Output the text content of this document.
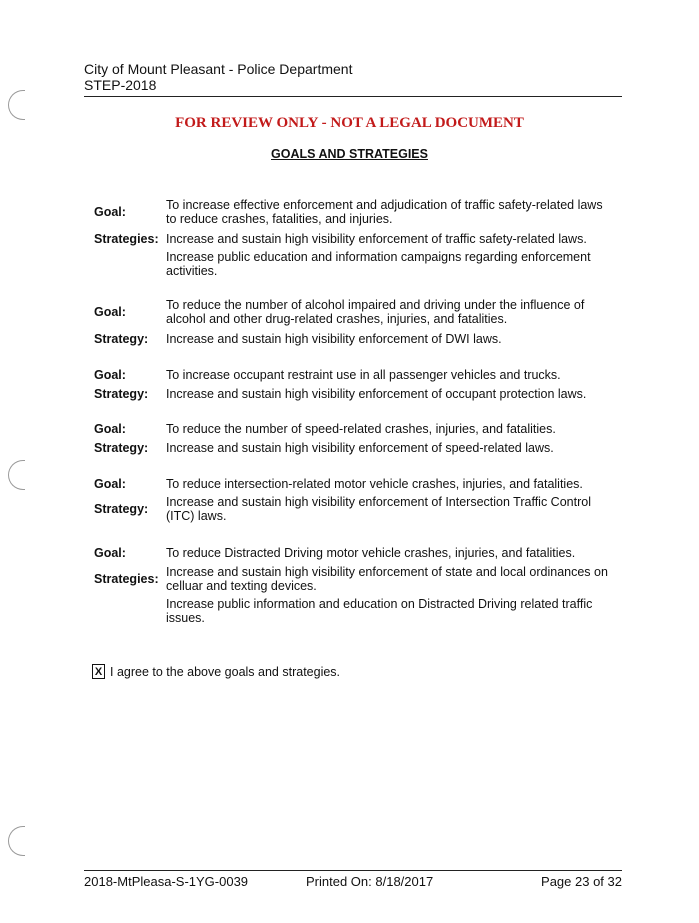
City of Mount Pleasant - Police Department
STEP-2018
FOR REVIEW ONLY - NOT A LEGAL DOCUMENT
GOALS AND STRATEGIES
Goal:	To increase effective enforcement and adjudication of traffic safety-related laws to reduce crashes, fatalities, and injuries.
Strategies: Increase and sustain high visibility enforcement of traffic safety-related laws.
Increase public education and information campaigns regarding enforcement activities.
Goal:	To reduce the number of alcohol impaired and driving under the influence of alcohol and other drug-related crashes, injuries, and fatalities.
Strategy:	Increase and sustain high visibility enforcement of DWI laws.
Goal:	To increase occupant restraint use in all passenger vehicles and trucks.
Strategy:	Increase and sustain high visibility enforcement of occupant protection laws.
Goal:	To reduce the number of speed-related crashes, injuries, and fatalities.
Strategy:	Increase and sustain high visibility enforcement of speed-related laws.
Goal:	To reduce intersection-related motor vehicle crashes, injuries, and fatalities.
Strategy:	Increase and sustain high visibility enforcement of Intersection Traffic Control (ITC) laws.
Goal:	To reduce Distracted Driving motor vehicle crashes, injuries, and fatalities.
Strategies: Increase and sustain high visibility enforcement of state and local ordinances on celluar and texting devices.
Increase public information and education on Distracted Driving related traffic issues.
X I agree to the above goals and strategies.
2018-MtPleasa-S-1YG-0039	Printed On: 8/18/2017	Page 23 of 32
